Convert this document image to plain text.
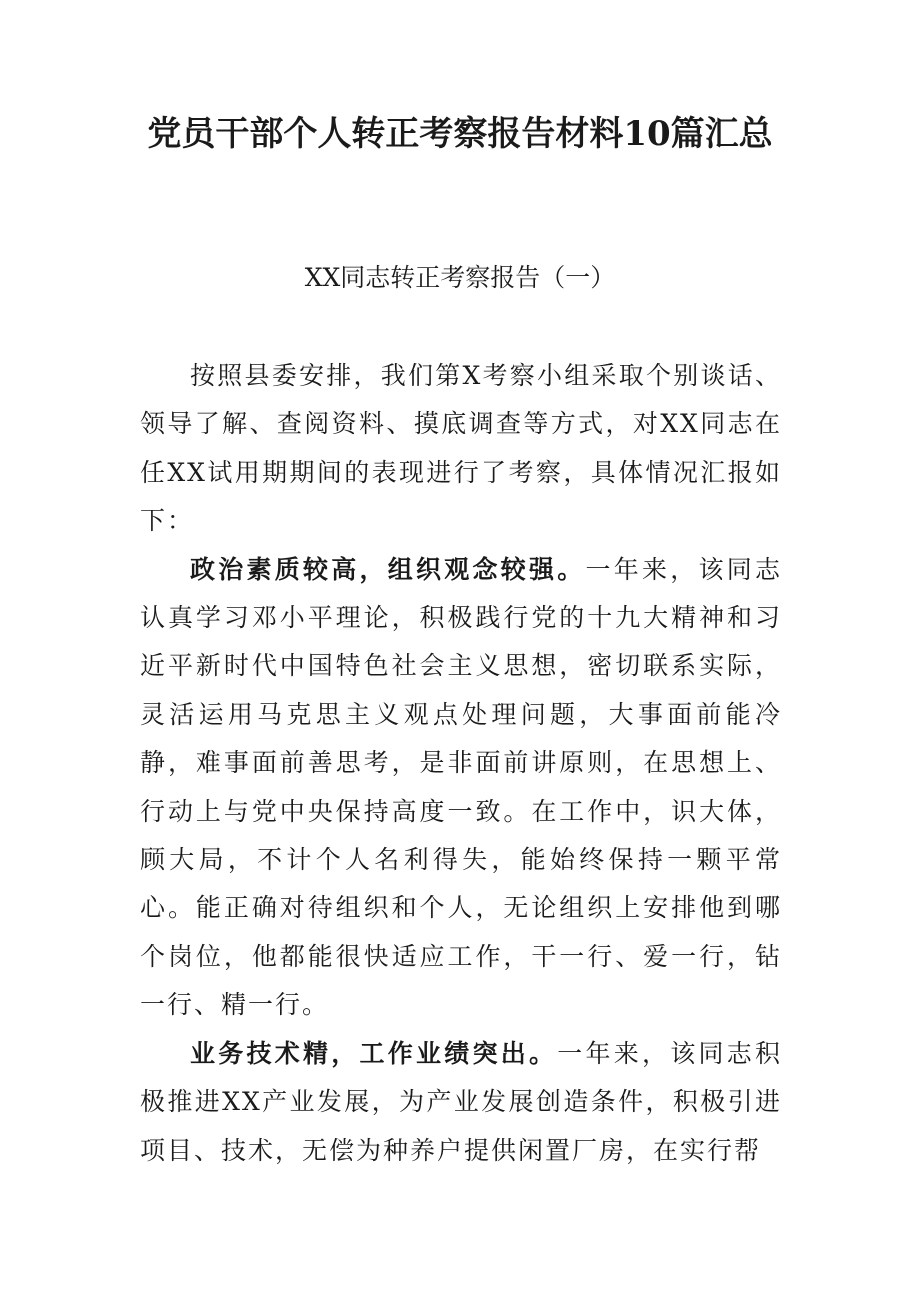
党员干部个人转正考察报告材料10篇汇总
XX同志转正考察报告（一）

按照县委安排，我们第X考察小组采取个别谈话、领导了解、查阅资料、摸底调查等方式，对XX同志在任XX试用期期间的表现进行了考察，具体情况汇报如下：

政治素质较高，组织观念较强。一年来，该同志认真学习邓小平理论，积极践行党的十九大精神和习近平新时代中国特色社会主义思想，密切联系实际，灵活运用马克思主义观点处理问题，大事面前能冷静，难事面前善思考，是非面前讲原则，在思想上、行动上与党中央保持高度一致。在工作中，识大体，顾大局，不计个人名利得失，能始终保持一颗平常心。能正确对待组织和个人，无论组织上安排他到哪个岗位，他都能很快适应工作，干一行、爱一行，钻一行、精一行。

业务技术精，工作业绩突出。一年来，该同志积极推进XX产业发展，为产业发展创造条件，积极引进项目、技术，无偿为种养户提供闲置厂房，在实行帮
